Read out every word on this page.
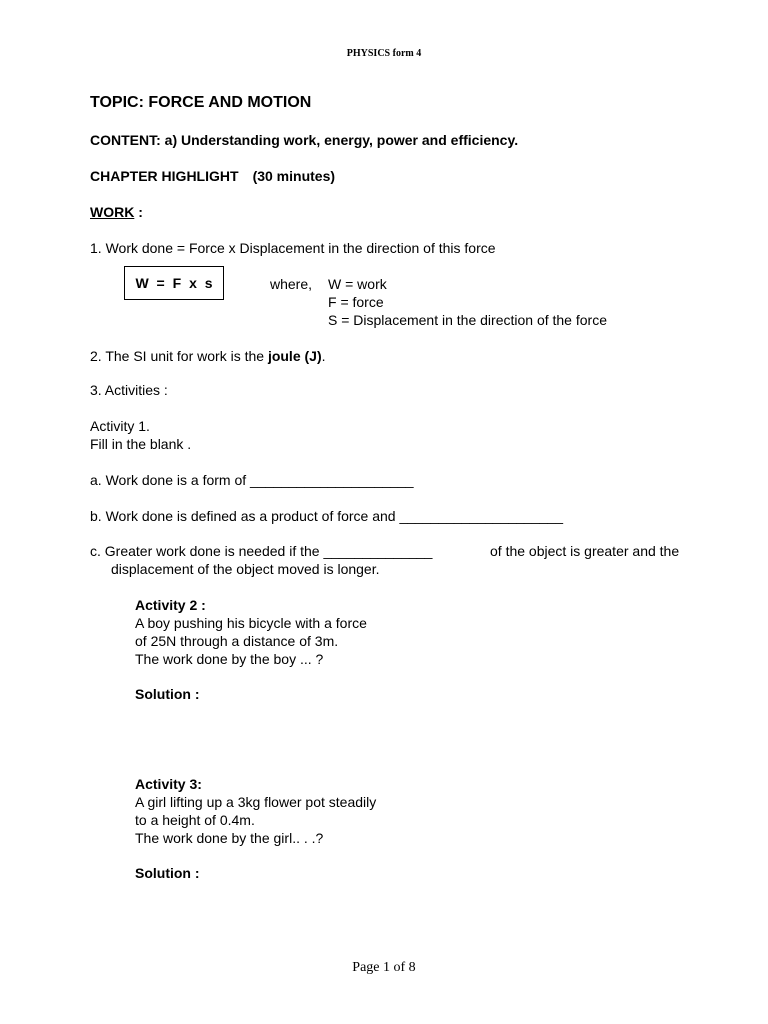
PHYSICS form 4
TOPIC: FORCE AND MOTION
CONTENT: a) Understanding work, energy, power and efficiency.
CHAPTER HIGHLIGHT (30 minutes)
WORK :
1. Work done = Force x Displacement in the direction of this force
W = F x s	where, W = work
F = force
S = Displacement in the direction of the force
2. The SI unit for work is the joule (J).
3. Activities :
Activity 1.
Fill in the blank .
a. Work done is a form of _____________________
b. Work done is defined as a product of force and _____________________
c. Greater work done is needed if the ______________	of the object is greater and the
displacement of the object moved is longer.
Activity 2 :
A boy pushing his bicycle with a force
of 25N through a distance of 3m.
The work done by the boy ... ?
Solution :
Activity 3:
A girl lifting up a 3kg flower pot steadily
to a height of 0.4m.
The work done by the girl.. . .?
Solution :
Page 1 of 8
